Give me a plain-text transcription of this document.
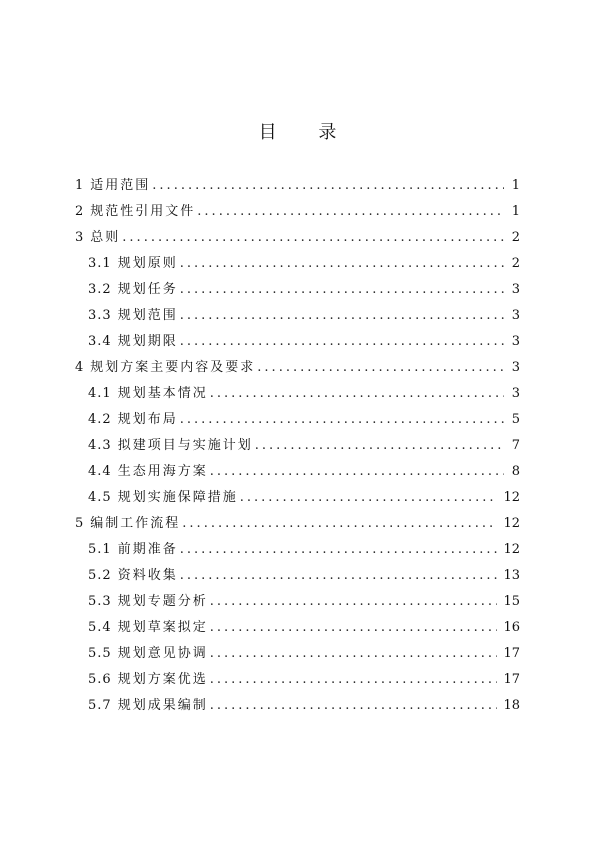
目 录
1 适用范围 .....	1
2 规范性引用文件 .....	1
3 总则 .....	2
3.1 规划原则 .....	2
3.2 规划任务 .....	3
3.3 规划范围 .....	3
3.4 规划期限 .....	3
4 规划方案主要内容及要求 .....	3
4.1 规划基本情况 .....	3
4.2 规划布局 .....	5
4.3 拟建项目与实施计划 .....	7
4.4 生态用海方案 .....	8
4.5 规划实施保障措施 .....	12
5 编制工作流程 .....	12
5.1 前期准备 .....	12
5.2 资料收集 .....	13
5.3 规划专题分析 .....	15
5.4 规划草案拟定 .....	16
5.5 规划意见协调 .....	17
5.6 规划方案优选 .....	17
5.7 规划成果编制 .....	18
